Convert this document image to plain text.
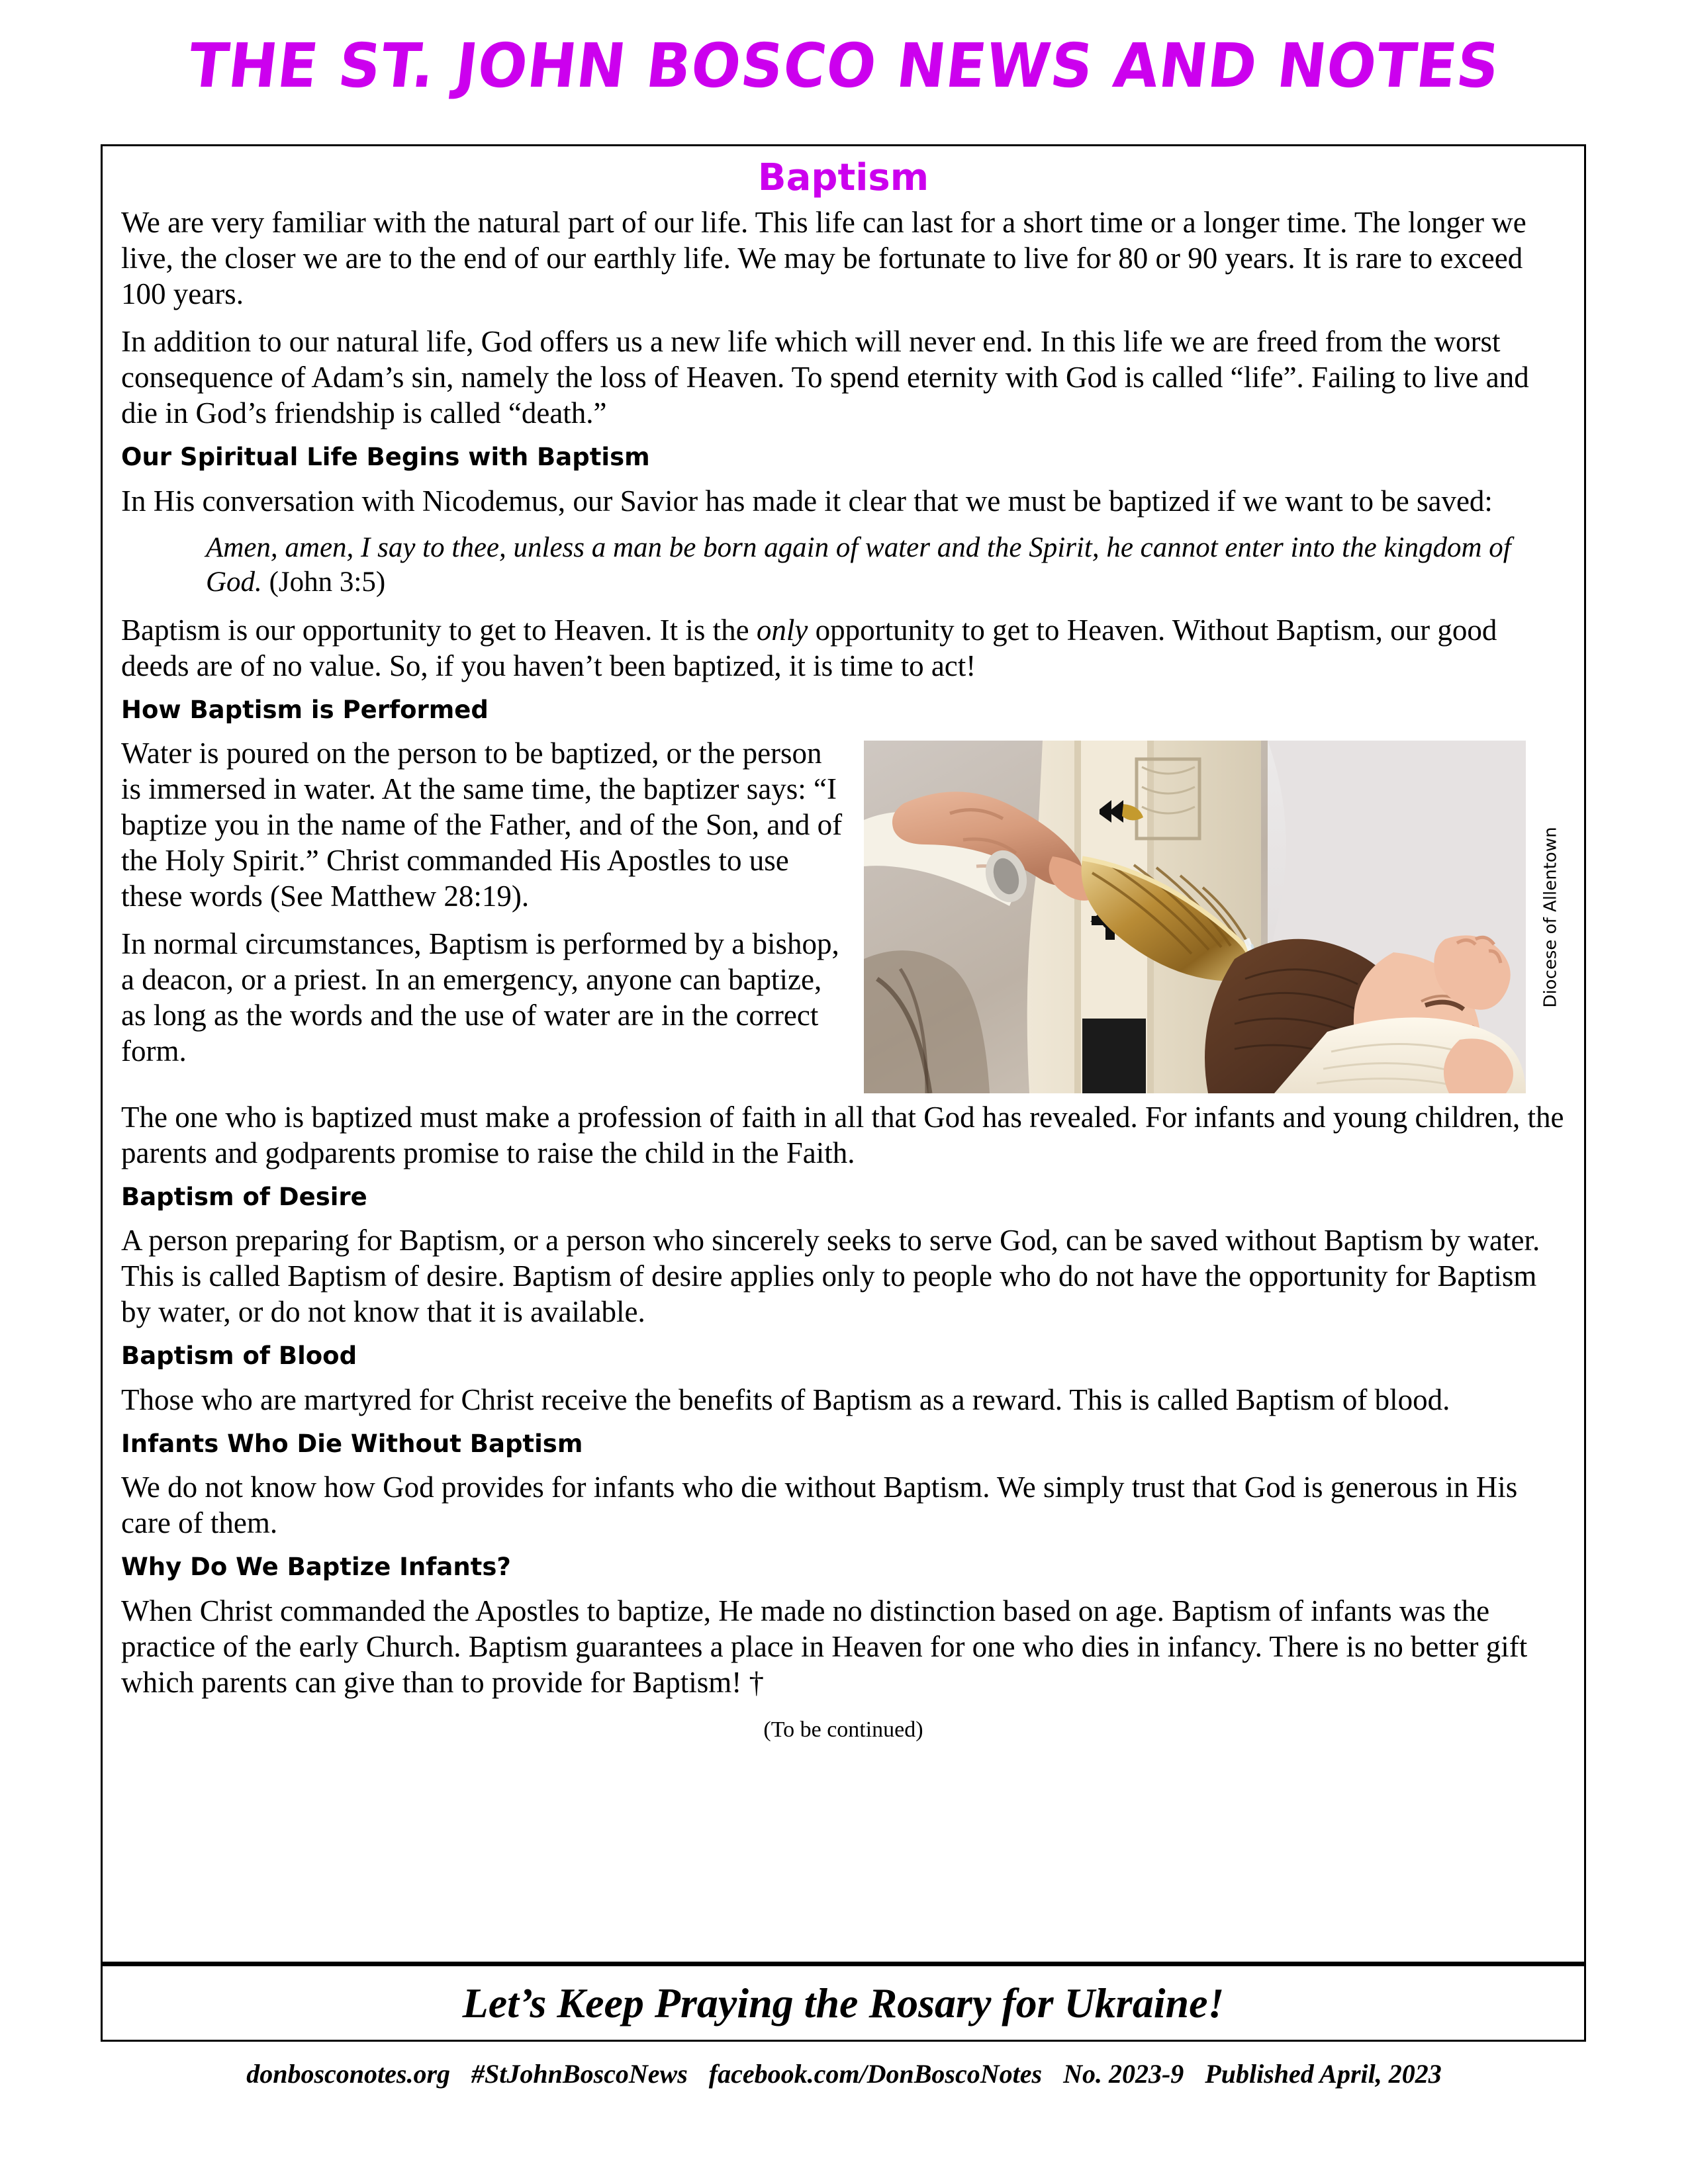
THE ST. JOHN BOSCO NEWS AND NOTES
Baptism

We are very familiar with the natural part of our life. This life can last for a short time or a longer time. The longer we live, the closer we are to the end of our earthly life. We may be fortunate to live for 80 or 90 years. It is rare to exceed 100 years.

In addition to our natural life, God offers us a new life which will never end. In this life we are freed from the worst consequence of Adam’s sin, namely the loss of Heaven. To spend eternity with God is called “life”. Failing to live and die in God’s friendship is called “death.”

Our Spiritual Life Begins with Baptism

In His conversation with Nicodemus, our Savior has made it clear that we must be baptized if we want to be saved:

Amen, amen, I say to thee, unless a man be born again of water and the Spirit, he cannot enter into the kingdom of God. (John 3:5)

Baptism is our opportunity to get to Heaven. It is the only opportunity to get to Heaven. Without Baptism, our good deeds are of no value. So, if you haven’t been baptized, it is time to act!

How Baptism is Performed
Diocese of Allentown

Water is poured on the person to be baptized, or the person is immersed in water. At the same time, the baptizer says: “I baptize you in the name of the Father, and of the Son, and of the Holy Spirit.” Christ commanded His Apostles to use these words (See Matthew 28:19).

In normal circumstances, Baptism is performed by a bishop, a deacon, or a priest. In an emergency, anyone can baptize, as long as the words and the use of water are in the correct form.

The one who is baptized must make a profession of faith in all that God has revealed. For infants and young children, the parents and godparents promise to raise the child in the Faith.

Baptism of Desire

A person preparing for Baptism, or a person who sincerely seeks to serve God, can be saved without Baptism by water. This is called Baptism of desire. Baptism of desire applies only to people who do not have the opportunity for Baptism by water, or do not know that it is available.

Baptism of Blood

Those who are martyred for Christ receive the benefits of Baptism as a reward. This is called Baptism of blood.

Infants Who Die Without Baptism

We do not know how God provides for infants who die without Baptism. We simply trust that God is generous in His care of them.

Why Do We Baptize Infants?

When Christ commanded the Apostles to baptize, He made no distinction based on age. Baptism of infants was the practice of the early Church. Baptism guarantees a place in Heaven for one who dies in infancy. There is no better gift which parents can give than to provide for Baptism! †

(To be continued)

Let’s Keep Praying the Rosary for Ukraine!
donbosconotes.org #StJohnBoscoNews facebook.com/DonBoscoNotes No. 2023-9 Published April, 2023
